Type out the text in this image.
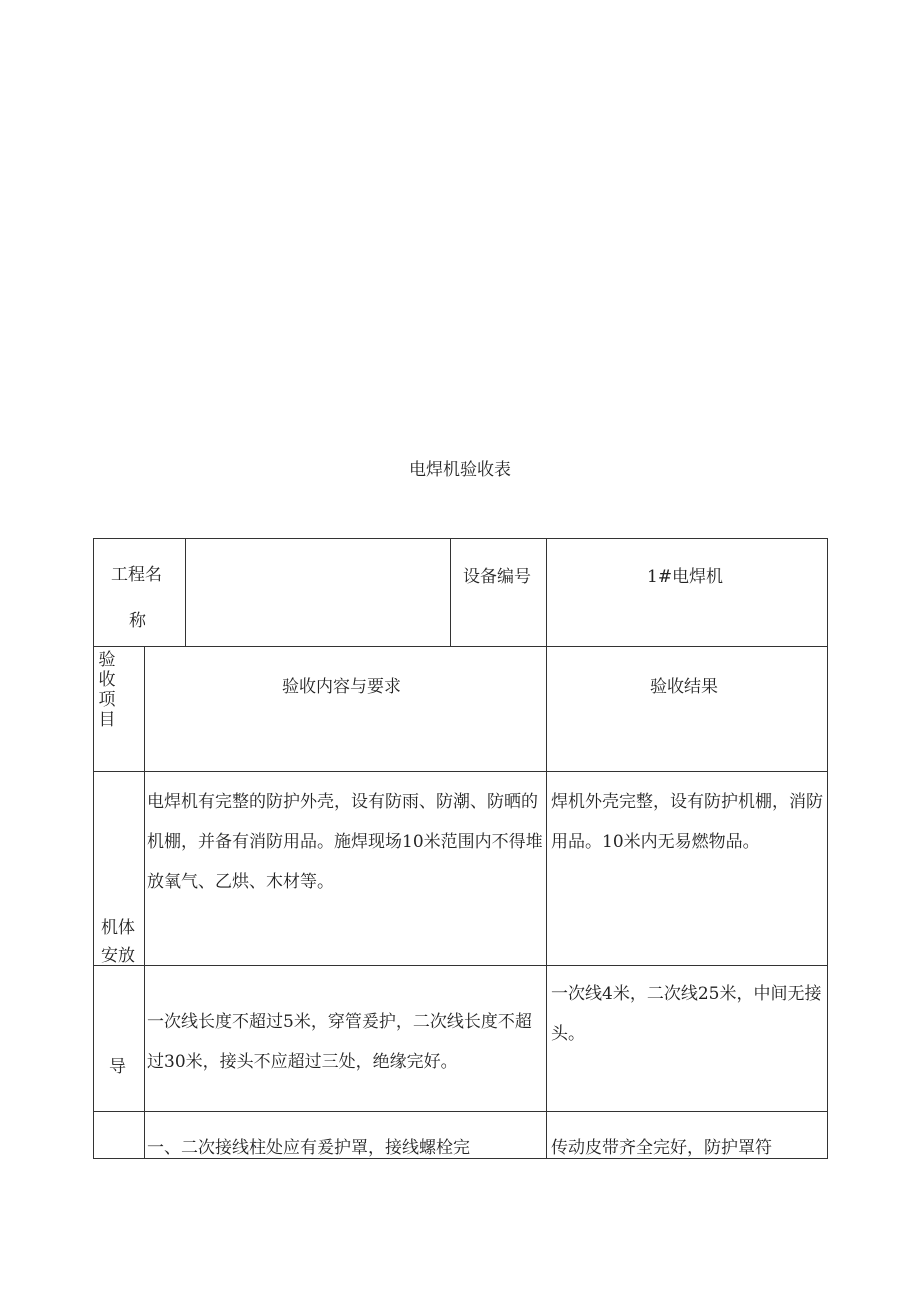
电焊机验收表
工程名
称			设备编号	1#电焊机

验
收
项
目	验收内容与要求			验收结果

机体
安放	电焊机有完整的防护外壳，设有防雨、防潮、防晒的机棚，并备有消防用品。施焊现场10米范围内不得堆放氧气、乙烘、木材等。			焊机外壳完整，设有防护机棚，消防用品。10米内无易燃物品。

导	一次线长度不超过5米，穿管爰护，二次线长度不超过30米，接头不应超过三处，绝缘完好。			一次线4米，二次线25米，中间无接头。

	一、二次接线柱处应有爰护罩，接线螺栓完			传动皮带齐全完好，防护罩符
